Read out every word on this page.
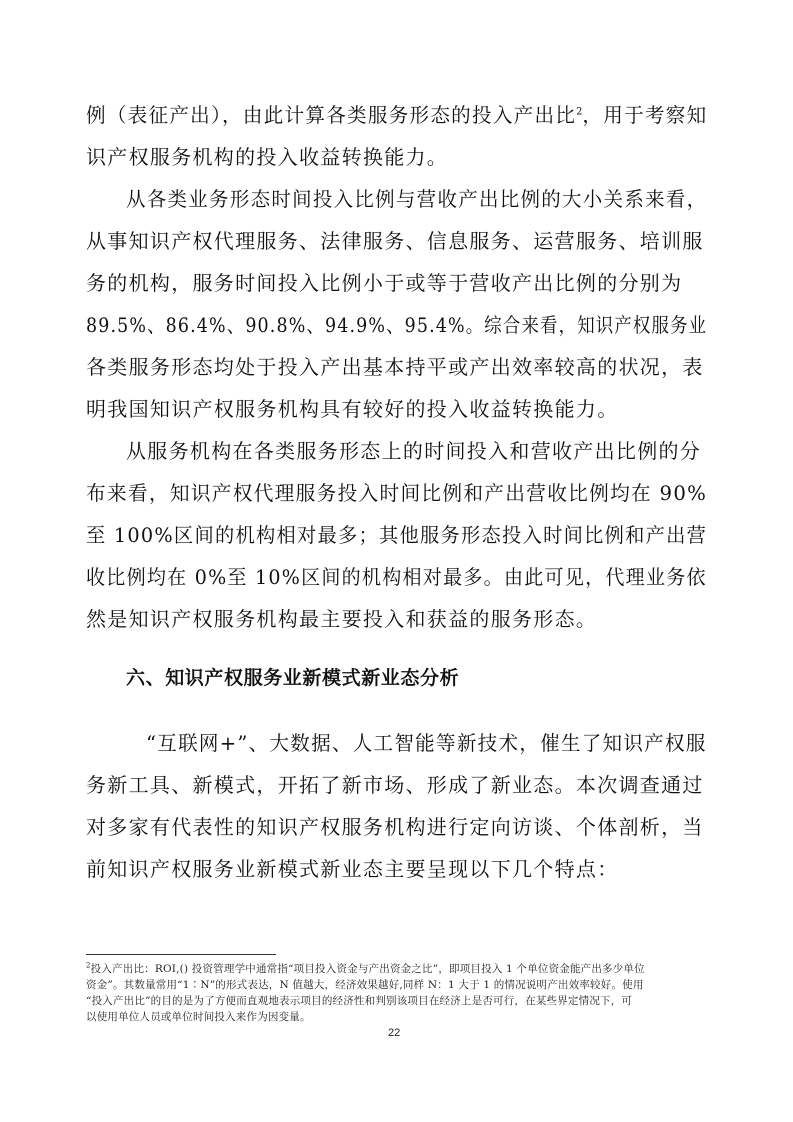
例（表征产出），由此计算各类服务形态的投入产出比$^2$，用于考察知
识产权服务机构的投入收益转换能力。
从各类业务形态时间投入比例与营收产出比例的大小关系来看，
从事知识产权代理服务、法律服务、信息服务、运营服务、培训服
务的机构，服务时间投入比例小于或等于营收产出比例的分别为
89.5%、86.4%、90.8%、94.9%、95.4%。综合来看，知识产权服务业
各类服务形态均处于投入产出基本持平或产出效率较高的状况，表
明我国知识产权服务机构具有较好的投入收益转换能力。
从服务机构在各类服务形态上的时间投入和营收产出比例的分
布来看，知识产权代理服务投入时间比例和产出营收比例均在 90%
至 100%区间的机构相对最多；其他服务形态投入时间比例和产出营
收比例均在 0%至 10%区间的机构相对最多。由此可见，代理业务依
然是知识产权服务机构最主要投入和获益的服务形态。
六、知识产权服务业新模式新业态分析
“互联网+”、大数据、人工智能等新技术，催生了知识产权服
务新工具、新模式，开拓了新市场、形成了新业态。本次调查通过
对多家有代表性的知识产权服务机构进行定向访谈、个体剖析，当
前知识产权服务业新模式新业态主要呈现以下几个特点：
$^2$投入产出比：ROI,() 投资管理学中通常指“项目投入资金与产出资金之比”，即项目投入 1 个单位资金能产出多少单位
资金”。其数量常用“1∶N”的形式表达，N 值越大，经济效果越好,同样 N：1 大于 1 的情况说明产出效率较好。使用
“投入产出比”的目的是为了方便而直观地表示项目的经济性和判别该项目在经济上是否可行，在某些界定情况下，可
以使用单位人员或单位时间投入来作为因变量。
22
